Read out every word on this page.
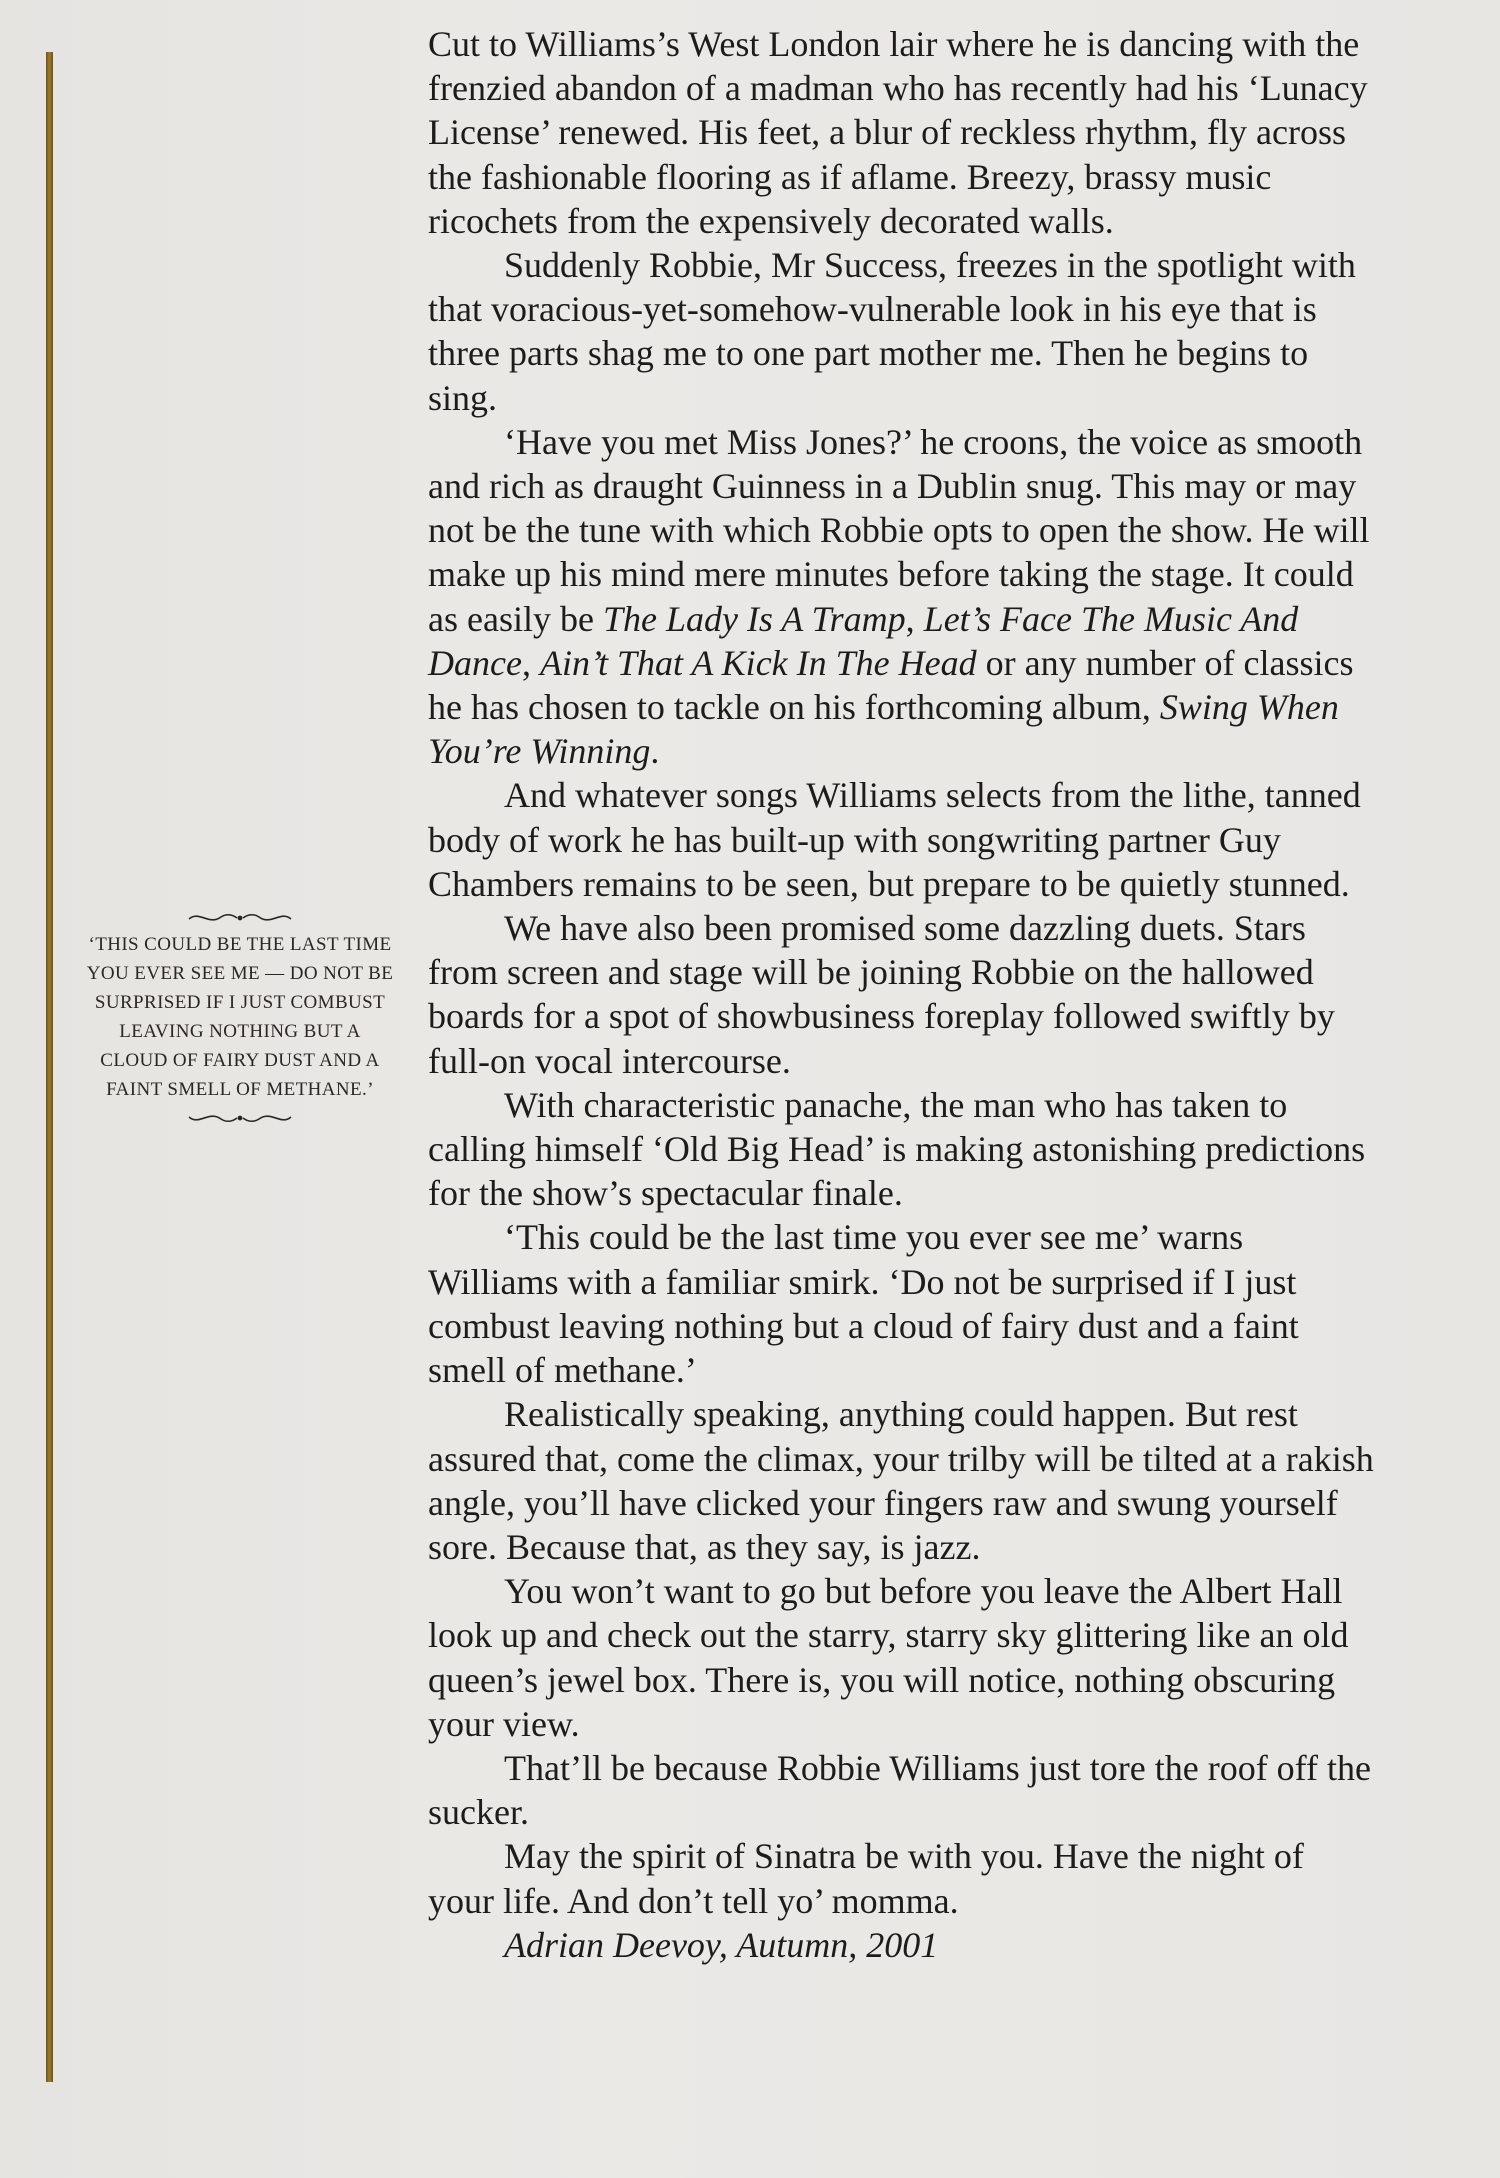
‘THIS COULD BE THE LAST TIME YOU EVER SEE ME — DO NOT BE SURPRISED IF I JUST COMBUST LEAVING NOTHING BUT A CLOUD OF FAIRY DUST AND A FAINT SMELL OF METHANE.’

Cut to Williams’s West London lair where he is dancing with the frenzied abandon of a madman who has recently had his ‘Lunacy License’ renewed. His feet, a blur of reckless rhythm, fly across the fashionable flooring as if aflame. Breezy, brassy music ricochets from the expensively decorated walls.

Suddenly Robbie, Mr Success, freezes in the spotlight with that voracious-yet-somehow-vulnerable look in his eye that is three parts shag me to one part mother me. Then he begins to sing.

‘Have you met Miss Jones?’ he croons, the voice as smooth and rich as draught Guinness in a Dublin snug. This may or may not be the tune with which Robbie opts to open the show. He will make up his mind mere minutes before taking the stage. It could as easily be The Lady Is A Tramp, Let’s Face The Music And Dance, Ain’t That A Kick In The Head or any number of classics he has chosen to tackle on his forthcoming album, Swing When You’re Winning.

And whatever songs Williams selects from the lithe, tanned body of work he has built-up with songwriting partner Guy Chambers remains to be seen, but prepare to be quietly stunned.

We have also been promised some dazzling duets. Stars from screen and stage will be joining Robbie on the hallowed boards for a spot of showbusiness foreplay followed swiftly by full-on vocal intercourse.

With characteristic panache, the man who has taken to calling himself ‘Old Big Head’ is making astonishing predictions for the show’s spectacular finale.

‘This could be the last time you ever see me’ warns Williams with a familiar smirk. ‘Do not be surprised if I just combust leaving nothing but a cloud of fairy dust and a faint smell of methane.’

Realistically speaking, anything could happen. But rest assured that, come the climax, your trilby will be tilted at a rakish angle, you’ll have clicked your fingers raw and swung yourself sore. Because that, as they say, is jazz.

You won’t want to go but before you leave the Albert Hall look up and check out the starry, starry sky glittering like an old queen’s jewel box. There is, you will notice, nothing obscuring your view.

That’ll be because Robbie Williams just tore the roof off the sucker.

May the spirit of Sinatra be with you. Have the night of your life. And don’t tell yo’ momma.

Adrian Deevoy, Autumn, 2001
